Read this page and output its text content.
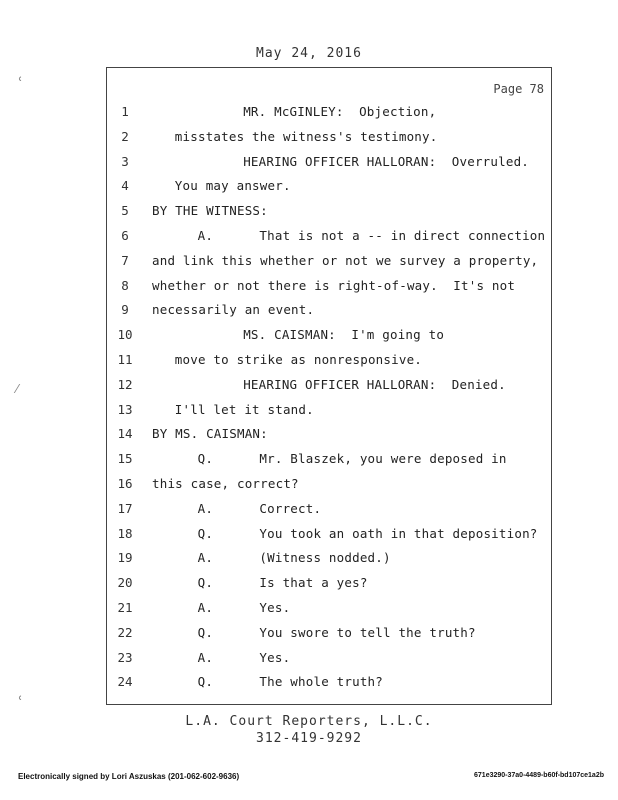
May 24, 2016
Page 78
1	MR. McGINLEY:  Objection,
2	misstates the witness's testimony.
3	HEARING OFFICER HALLORAN:  Overruled.
4	You may answer.
5	BY THE WITNESS:
6	A.      That is not a -- in direct connection
7	and link this whether or not we survey a property,
8	whether or not there is right-of-way.  It's not
9	necessarily an event.
10	MS. CAISMAN:  I'm going to
11	move to strike as nonresponsive.
12	HEARING OFFICER HALLORAN:  Denied.
13	I'll let it stand.
14 BY MS. CAISMAN:
15	Q.      Mr. Blaszek, you were deposed in
16 this case, correct?
17	A.      Correct.
18	Q.      You took an oath in that deposition?
19	A.      (Witness nodded.)
20	Q.      Is that a yes?
21	A.      Yes.
22	Q.      You swore to tell the truth?
23	A.      Yes.
24	Q.      The whole truth?
L.A. Court Reporters, L.L.C.
312-419-9292
Electronically signed by Lori Aszuskas (201-062-602-9636)	671e3290-37a0-4489-b60f-bd107ce1a2b
ʿ
⁄
ʿ
